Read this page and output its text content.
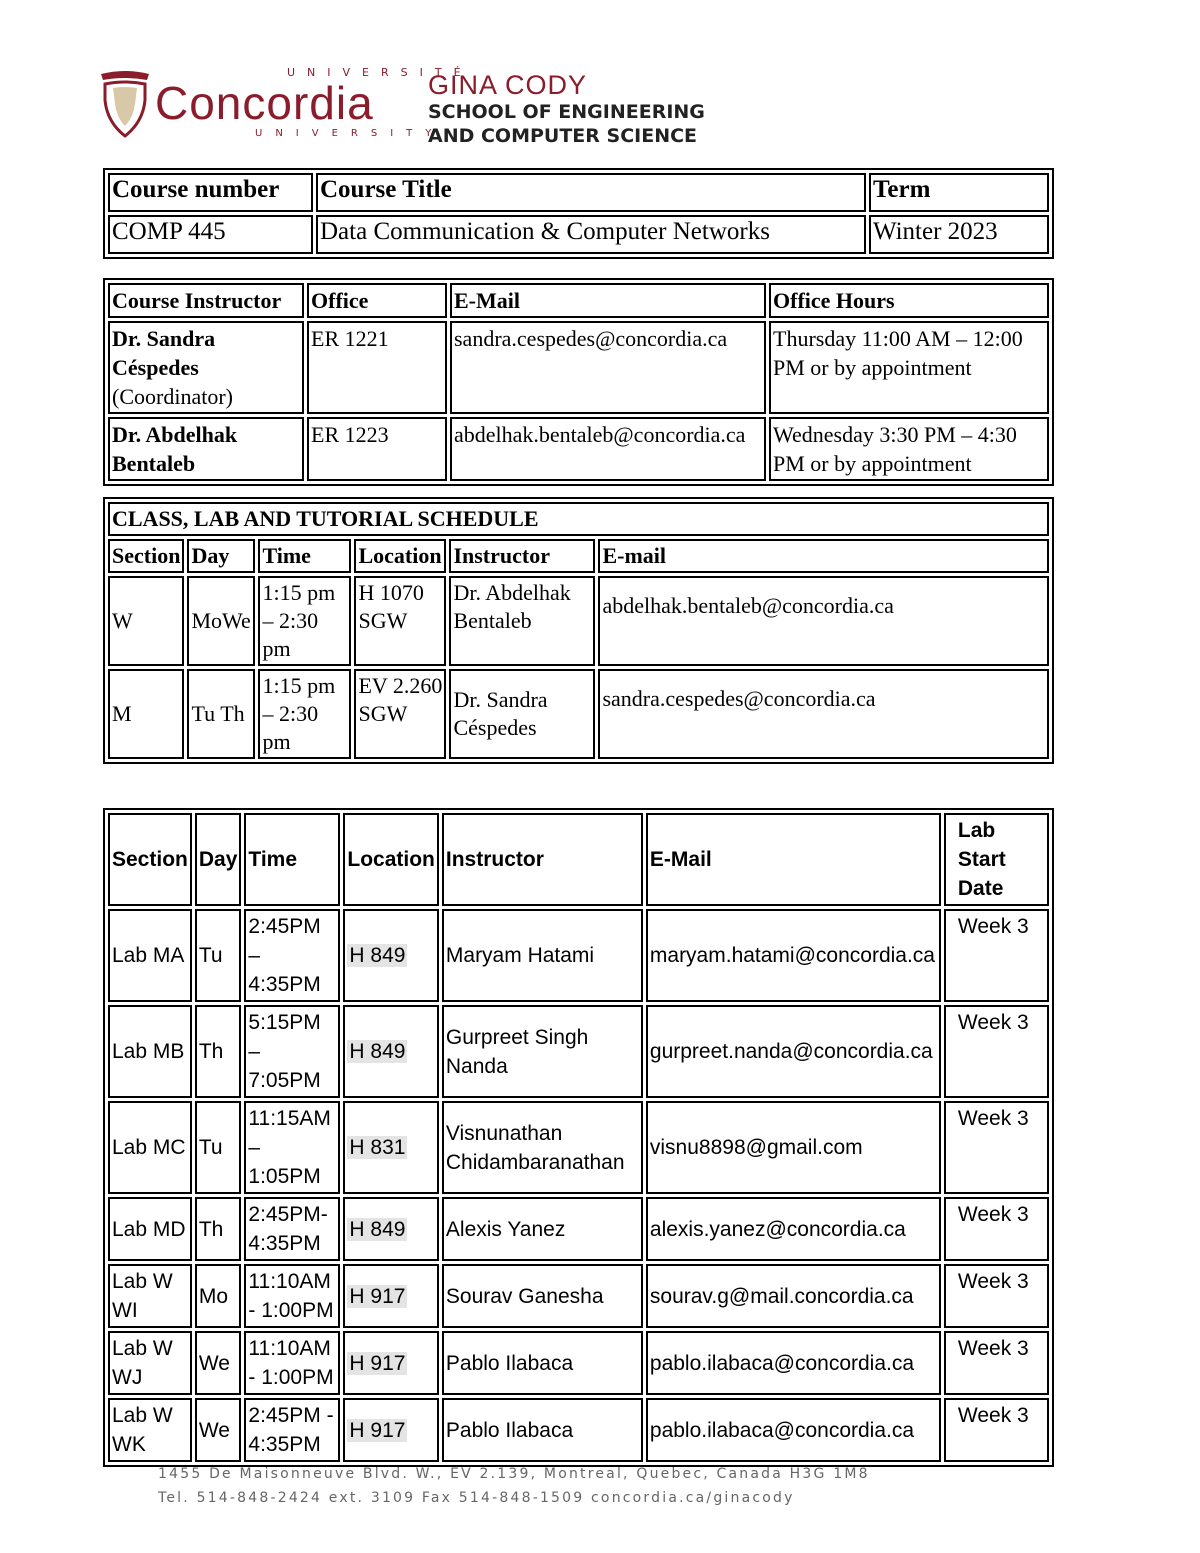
UNIVERSITÉ
Concordia
UNIVERSITY
GINA CODY
SCHOOL OF ENGINEERING
AND COMPUTER SCIENCE
Course number	Course Title	Term
COMP 445	Data Communication & Computer Networks	Winter 2023
Course Instructor	Office	E-Mail	Office Hours

Dr. Sandra Céspedes
(Coordinator)	ER 1221	sandra.cespedes@concordia.ca	Thursday 11:00 AM – 12:00 PM or by appointment

Dr. Abdelhak Bentaleb	ER 1223	abdelhak.bentaleb@concordia.ca	Wednesday 3:30 PM – 4:30 PM or by appointment
CLASS, LAB AND TUTORIAL SCHEDULE					
Section	Day	Time	Location	Instructor	E-mail
W	MoWe	1:15 pm – 2:30 pm	H 1070 SGW	Dr. Abdelhak Bentaleb	abdelhak.bentaleb@concordia.ca
M	Tu Th	1:15 pm – 2:30 pm	EV 2.260 SGW	Dr. Sandra Céspedes	sandra.cespedes@concordia.ca
Section	Day	Time	Location	Instructor	E-Mail	Lab Start Date
Lab MA	Tu	2:45PM – 4:35PM	H 849	Maryam Hatami	maryam.hatami@concordia.ca	Week 3
Lab MB	Th	5:15PM – 7:05PM	H 849	Gurpreet Singh Nanda	gurpreet.nanda@concordia.ca	Week 3
Lab MC	Tu	11:15AM – 1:05PM	H 831	Visnunathan Chidambaranathan	visnu8898@gmail.com	Week 3
Lab MD	Th	2:45PM- 4:35PM	H 849	Alexis Yanez	alexis.yanez@concordia.ca	Week 3
Lab W WI	Mo	11:10AM - 1:00PM	H 917	Sourav Ganesha	sourav.g@mail.concordia.ca	Week 3
Lab W WJ	We	11:10AM - 1:00PM	H 917	Pablo Ilabaca	pablo.ilabaca@concordia.ca	Week 3
Lab W WK	We	2:45PM - 4:35PM	H 917	Pablo Ilabaca	pablo.ilabaca@concordia.ca	Week 3
1455 De Maisonneuve Blvd. W., EV 2.139, Montreal, Quebec, Canada H3G 1M8
Tel. 514-848-2424 ext. 3109 Fax 514-848-1509 concordia.ca/ginacody
